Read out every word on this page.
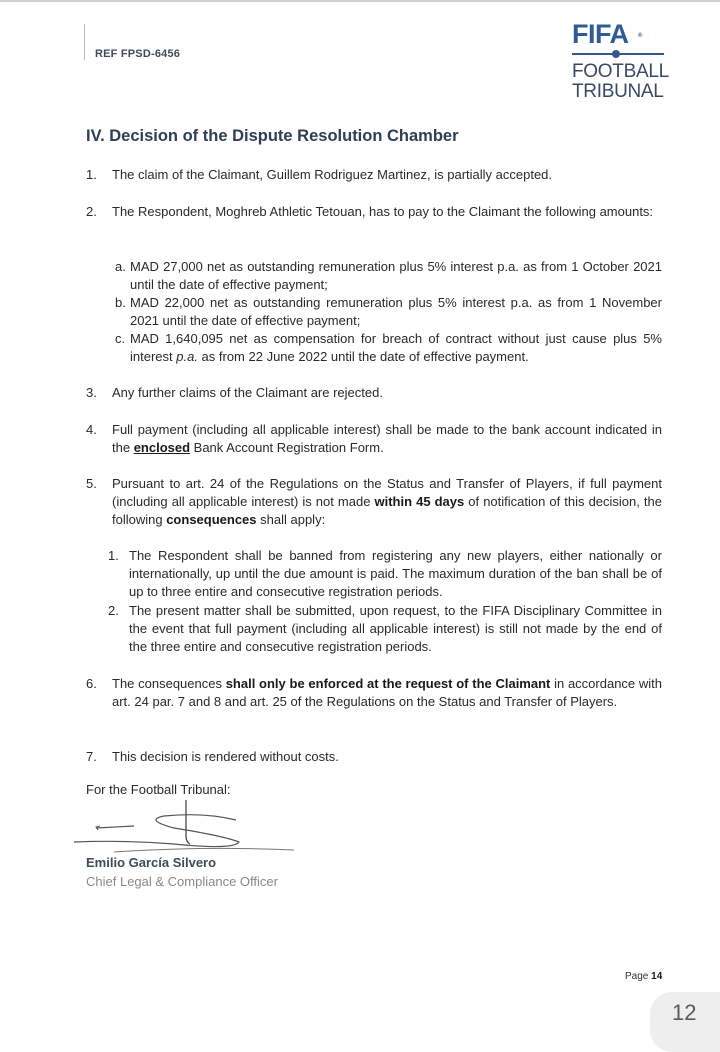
REF FPSD-6456
FIFA ®
FOOTBALL
TRIBUNAL
IV. Decision of the Dispute Resolution Chamber
1. The claim of the Claimant, Guillem Rodriguez Martinez, is partially accepted.
2. The Respondent, Moghreb Athletic Tetouan, has to pay to the Claimant the following amounts:
a. MAD 27,000 net as outstanding remuneration plus 5% interest p.a. as from 1 October 2021 until the date of effective payment;
b. MAD 22,000 net as outstanding remuneration plus 5% interest p.a. as from 1 November 2021 until the date of effective payment;
c. MAD 1,640,095 net as compensation for breach of contract without just cause plus 5% interest p.a. as from 22 June 2022 until the date of effective payment.
3. Any further claims of the Claimant are rejected.
4. Full payment (including all applicable interest) shall be made to the bank account indicated in the enclosed Bank Account Registration Form.
5. Pursuant to art. 24 of the Regulations on the Status and Transfer of Players, if full payment (including all applicable interest) is not made within 45 days of notification of this decision, the following consequences shall apply:
1. The Respondent shall be banned from registering any new players, either nationally or internationally, up until the due amount is paid. The maximum duration of the ban shall be of up to three entire and consecutive registration periods.
2. The present matter shall be submitted, upon request, to the FIFA Disciplinary Committee in the event that full payment (including all applicable interest) is still not made by the end of the three entire and consecutive registration periods.
6. The consequences shall only be enforced at the request of the Claimant in accordance with art. 24 par. 7 and 8 and art. 25 of the Regulations on the Status and Transfer of Players.
7. This decision is rendered without costs.
For the Football Tribunal:
Emilio García Silvero
Chief Legal & Compliance Officer
Page 14
12
